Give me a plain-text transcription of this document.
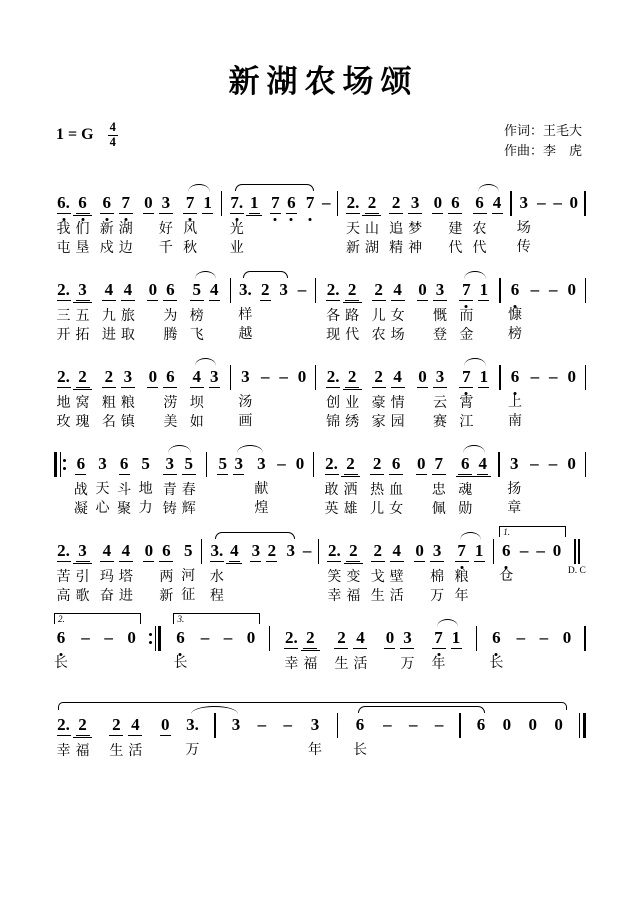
新湖农场颂
1 = G $\frac{4}{4}$	作词：王毛大
作曲：李　虎
6.
我
屯
6
们
垦
6
新
戍
7
湖
边
0 3
好
千
7
风
秋
1 7.
光
业
1 7 6 7 – 2.
天
新
2
山
湖
2
追
精
3
梦
神
0 6
建
代
6
农
代
4 3
场
传
– – 0
2.
三
开
3
五
拓
4
九
进
4
旅
取
0 6
为
腾
5
榜
飞
4 3.
样
越
2 3 – 2.
各
现
2
路
代
2
儿
农
4
女
场
0 3
慨
登
7
而
金
1 6
慷
榜
– – 0
2.
地
玫
2
窝
瑰
2
粗
名
3
粮
镇
0 6
涝
美
4
坝
如
3 3
汤
画
– – 0 2.
创
锦
2
业
绣
2
豪
家
4
情
园
0 3
云
赛
7
霄
江
1 6
上
南
– – 0
6
战
凝
3
天
心
6
斗
聚
5
地
力
3
青
铸
5
春
辉
5 3 3
献
煌
– 0 2.
敢
英
2
洒
雄
2
热
儿
6
血
女
0 7
忠
佩
6
魂
勋
4 3
扬
章
– – 0
2.
苦
高
3
引
歌
4
玛
奋
4
塔
进
0 6
两
新
5
河
征
3.
水
程
4 3 2 3 – 2.
笑
幸
2
变
福
2
戈
生
4
壁
活
0 3
棉
万
7
粮
年
1 6
仓
– – 0
D. C
1.
6
长
– – 0 6
长
– – 0 2.
幸
2
福
2
生
4
活
0 3
万
7
年
1 6
长
– – 0
2.	3.
2.
幸
2
福
2
生
4
活
0 3.
万
3 – – 3
年
6
长
– – – 6 0 0 0
